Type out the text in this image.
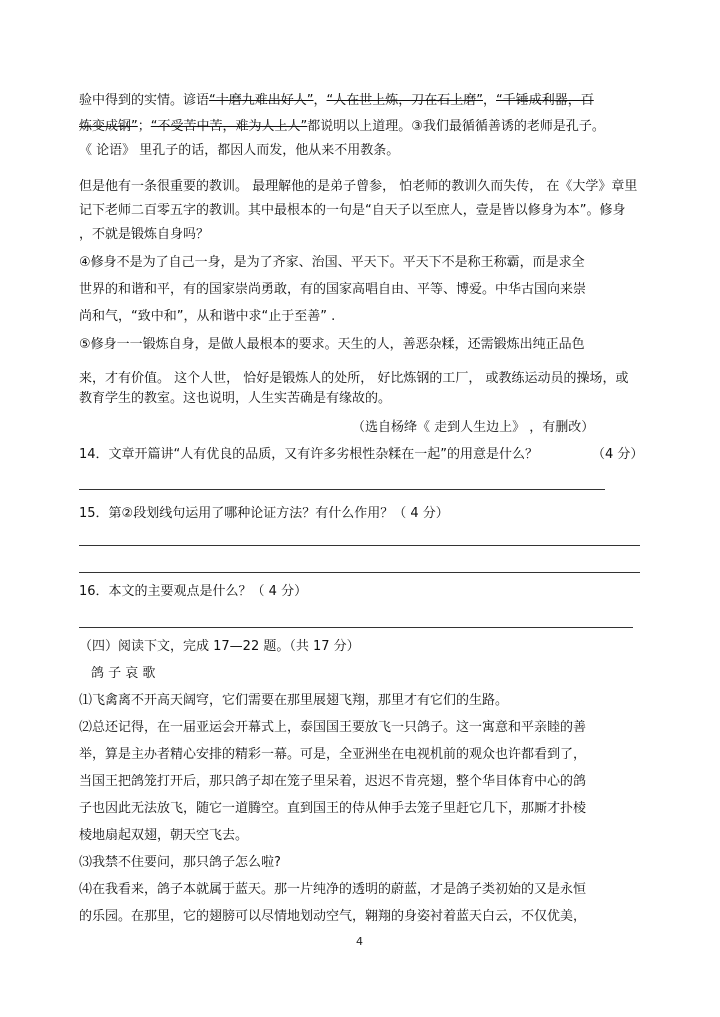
验中得到的实情。谚语“十磨九难出好人”，“人在世上炼，刀在石上磨”，“千锤成利器，百
炼变成钢”；“不受苦中苦，难为人上人”都说明以上道理。③我们最循循善诱的老师是孔子。
《 论语》 里孔子的话，都因人而发，他从来不用教条。
但是他有一条很重要的教训。 最理解他的是弟子曾参， 怕老师的教训久而失传， 在《大学》章里
记下老师二百零五字的教训。其中最根本的一句是“自天子以至庶人，壹是皆以修身为本”。修身
，不就是锻炼自身吗？
④修身不是为了自己一身，是为了齐家、治国、平天下。平天下不是称王称霸，而是求全
世界的和谐和平，有的国家崇尚勇敢，有的国家高唱自由、平等、博爱。中华古国向来崇
尚和气，“致中和”，从和谐中求“止于至善” .
⑤修身一一锻炼自身，是做人最根本的要求。天生的人，善恶杂糅，还需锻炼出纯正品色
来，才有价值。 这个人世， 恰好是锻炼人的处所， 好比炼钢的工厂， 或教练运动员的操场，或
教育学生的教室。这也说明，人生实苦确是有缘故的。
（选自杨绛《 走到人生边上》 ，有删改）
14．文章开篇讲“人有优良的品质，又有许多劣根性杂糅在一起”的用意是什么？	（4 分）
15．第②段划线句运用了哪种论证方法？有什么作用？（ 4 分）
16．本文的主要观点是什么？（ 4 分）
（四）阅读下文，完成 17—22 题。（共 17 分）
鸽 子 哀 歌
⑴飞禽离不开高天阔穹，它们需要在那里展翅飞翔，那里才有它们的生路。
⑵总还记得，在一届亚运会开幕式上，泰国国王要放飞一只鸽子。这一寓意和平亲睦的善
举，算是主办者精心安排的精彩一幕。可是，全亚洲坐在电视机前的观众也许都看到了，
当国王把鸽笼打开后，那只鸽子却在笼子里呆着，迟迟不肯亮翅，整个华目体育中心的鸽
子也因此无法放飞，随它一道腾空。直到国王的侍从伸手去笼子里赶它几下，那厮才扑棱
棱地扇起双翅，朝天空飞去。
⑶我禁不住要问，那只鸽子怎么啦?
⑷在我看来，鸽子本就属于蓝天。那一片纯净的透明的蔚蓝，才是鸽子类初始的又是永恒
的乐园。在那里，它的翅膀可以尽情地划动空气，翱翔的身姿衬着蓝天白云，不仅优美，
4
